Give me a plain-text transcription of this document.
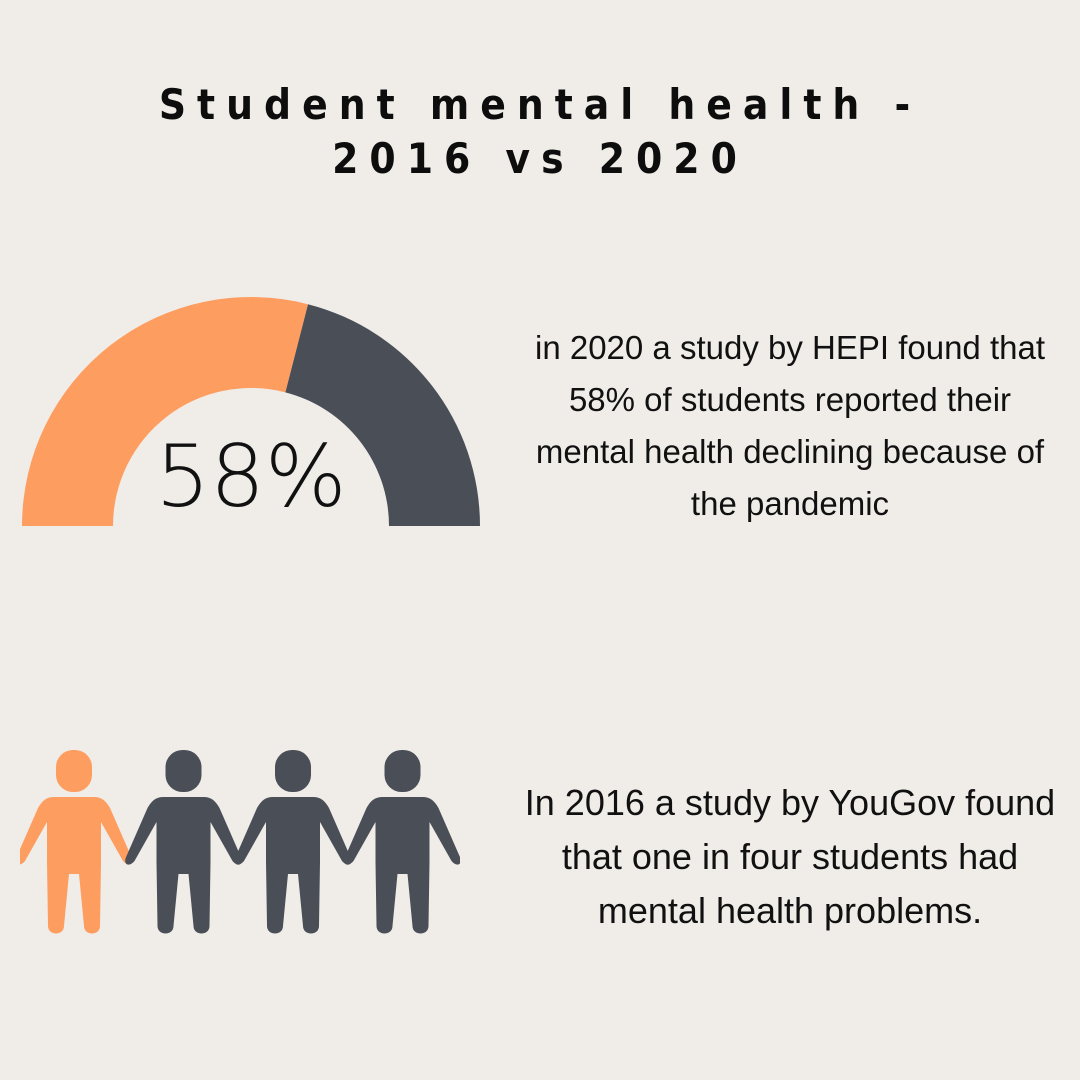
Student mental health - 2016 vs 2020
58%

in 2020 a study by HEPI found that 58% of students reported their mental health declining because of the pandemic

In 2016 a study by YouGov found that one in four students had mental health problems.
